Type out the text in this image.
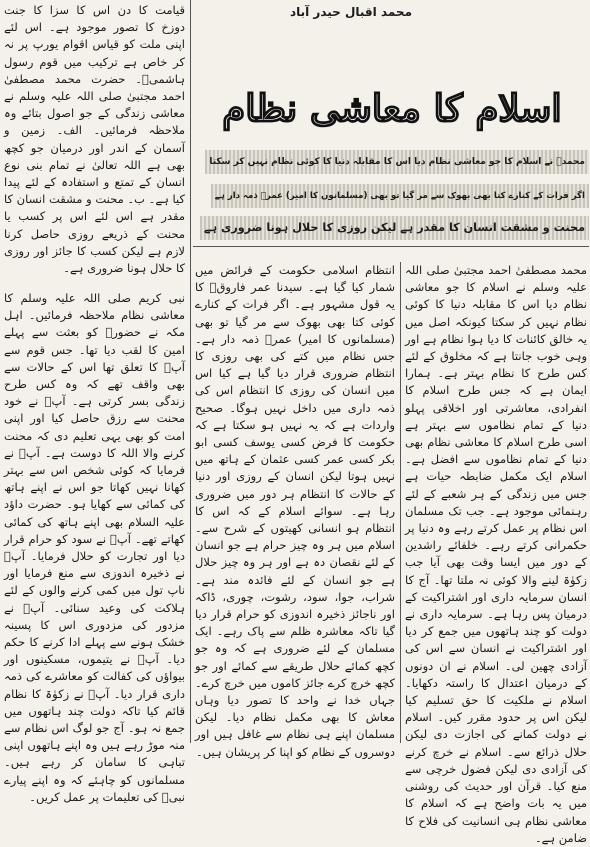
قیامت کا دن اس کا سزا کا جنت دوزخ کا تصور موجود ہے۔ اس لئے اپنی ملت کو قیاس اقوام یورپ پر نہ کر خاص ہے ترکیب میں قوم رسول ہاشمیؐ۔ حضرت محمد مصطفیٰ احمد مجتبیٰ صلی اللہ علیہ وسلم نے معاشی زندگی کے جو اصول بتائے وہ ملاحظہ فرمائیں۔ الف۔ زمین و آسمان کے اندر اور درمیان جو کچھ بھی ہے اللہ تعالیٰ نے تمام بنی نوع انسان کے تمتع و استفادہ کے لئے پیدا کیا ہے۔ ب۔ محنت و مشقت انسان کا مقدر ہے اس لئے اس پر کسب یا محنت کے ذریعے روزی حاصل کرنا لازم ہے لیکن کسب کا جائز اور روزی کا حلال ہونا ضروری ہے۔

نبی کریم صلی اللہ علیہ وسلم کا معاشی نظام ملاحظہ فرمائیں۔ اہل مکہ نے حضورؐ کو بعثت سے پہلے امین کا لقب دیا تھا۔ جس قوم سے آپؐ کا تعلق تھا اس کے حالات سے بھی واقف تھے کہ وہ کس طرح زندگی بسر کرتی ہے۔ آپؐ نے خود محنت سے رزق حاصل کیا اور اپنی امت کو بھی یہی تعلیم دی کہ محنت کرنے والا اللہ کا دوست ہے۔ آپؐ نے فرمایا کہ کوئی شخص اس سے بہتر کھانا نہیں کھاتا جو اس نے اپنے ہاتھ کی کمائی سے کھایا ہو۔ حضرت داؤد علیہ السلام بھی اپنے ہاتھ کی کمائی کھاتے تھے۔ آپؐ نے سود کو حرام قرار دیا اور تجارت کو حلال فرمایا۔ آپؐ نے ذخیرہ اندوزی سے منع فرمایا اور ناپ تول میں کمی کرنے والوں کے لئے ہلاکت کی وعید سنائی۔ آپؐ نے مزدور کی مزدوری اس کا پسینہ خشک ہونے سے پہلے ادا کرنے کا حکم دیا۔ آپؐ نے یتیموں، مسکینوں اور بیواؤں کی کفالت کو معاشرے کی ذمہ داری قرار دیا۔ آپؐ نے زکوٰۃ کا نظام قائم کیا تاکہ دولت چند ہاتھوں میں جمع نہ ہو۔ آج جو لوگ اس نظام سے منہ موڑ رہے ہیں وہ اپنے ہاتھوں اپنی تباہی کا سامان کر رہے ہیں۔ مسلمانوں کو چاہئے کہ وہ اپنے پیارے نبیؐ کی تعلیمات پر عمل کریں۔

محمد اقبال حیدر آباد
اسلام کا معاشی نظام
محمدؐ نے اسلام کا جو معاشی نظام دیا اس کا مقابلہ دنیا کا کوئی نظام نہیں کر سکتا
اگر فرات کے کنارے کتا بھی بھوک سے مر گیا تو بھی (مسلمانوں کا امیر) عمرؓ ذمہ دار ہے
محنت و مشقت انسان کا مقدر ہے لیکن روزی کا حلال ہونا ضروری ہے

انتظام اسلامی حکومت کے فرائض میں شمار کیا گیا ہے۔ سیدنا عمر فاروقؓ کا یہ قول مشہور ہے۔ اگر فرات کے کنارے کوئی کتا بھی بھوک سے مر گیا تو بھی (مسلمانوں کا امیر) عمرؓ ذمہ دار ہے۔ جس نظام میں کتے کی بھی روزی کا انتظام ضروری قرار دیا گیا ہے کیا اس میں انسان کی روزی کا انتظام اس کی ذمہ داری میں داخل نہیں ہوگا۔ صحیح واردات ہے کہ یہ نہیں ہو سکتا ہے کہ حکومت کا فرض کسی یوسف کسی ابو بکر کسی عمر کسی عثمان کے ہاتھ میں نہیں ہوتا لیکن انسان کے روزی اور دنیا کے حالات کا انتظام ہر دور میں ضروری رہا ہے۔ سوائے اسلام کے کہ اس کا انتظام ہو انسانی کھیتوں کے شرح سے۔ اسلام میں ہر وہ چیز حرام ہے جو انسان کے لئے نقصان دہ ہے اور ہر وہ چیز حلال ہے جو انسان کے لئے فائدہ مند ہے۔ شراب، جوا، سود، رشوت، چوری، ڈاکہ اور ناجائز ذخیرہ اندوزی کو حرام قرار دیا گیا تاکہ معاشرہ ظلم سے پاک رہے۔ ایک مسلمان کے لئے ضروری ہے کہ وہ جو کچھ کمائے حلال طریقے سے کمائے اور جو کچھ خرچ کرے جائز کاموں میں خرچ کرے۔ جہاں خدا نے واحد کا تصور دیا وہاں معاش کا بھی مکمل نظام دیا۔ لیکن مسلمان اپنے ہی نظام سے غافل ہیں اور دوسروں کے نظام کو اپنا کر پریشان ہیں۔

محمد مصطفیٰ احمد مجتبیٰ صلی اللہ علیہ وسلم نے اسلام کا جو معاشی نظام دیا اس کا مقابلہ دنیا کا کوئی نظام نہیں کر سکتا کیونکہ اصل میں یہ خالق کائنات کا دیا ہوا نظام ہے اور وہی خوب جانتا ہے کہ مخلوق کے لئے کس طرح کا نظام بہتر ہے۔ ہمارا ایمان ہے کہ جس طرح اسلام کا انفرادی، معاشرتی اور اخلاقی پہلو دنیا کے تمام نظاموں سے بہتر ہے اسی طرح اسلام کا معاشی نظام بھی دنیا کے تمام نظاموں سے افضل ہے۔ اسلام ایک مکمل ضابطہ حیات ہے جس میں زندگی کے ہر شعبے کے لئے رہنمائی موجود ہے۔ جب تک مسلمان اس نظام پر عمل کرتے رہے وہ دنیا پر حکمرانی کرتے رہے۔ خلفائے راشدین کے دور میں ایسا وقت بھی آیا جب زکوٰۃ لینے والا کوئی نہ ملتا تھا۔ آج کا انسان سرمایہ داری اور اشتراکیت کے درمیان پس رہا ہے۔ سرمایہ داری نے دولت کو چند ہاتھوں میں جمع کر دیا اور اشتراکیت نے انسان سے اس کی آزادی چھین لی۔ اسلام نے ان دونوں کے درمیان اعتدال کا راستہ دکھایا۔ اسلام نے ملکیت کا حق تسلیم کیا لیکن اس پر حدود مقرر کیں۔ اسلام نے دولت کمانے کی اجازت دی لیکن حلال ذرائع سے۔ اسلام نے خرچ کرنے کی آزادی دی لیکن فضول خرچی سے منع کیا۔ قرآن اور حدیث کی روشنی میں یہ بات واضح ہے کہ اسلام کا معاشی نظام ہی انسانیت کی فلاح کا ضامن ہے۔
